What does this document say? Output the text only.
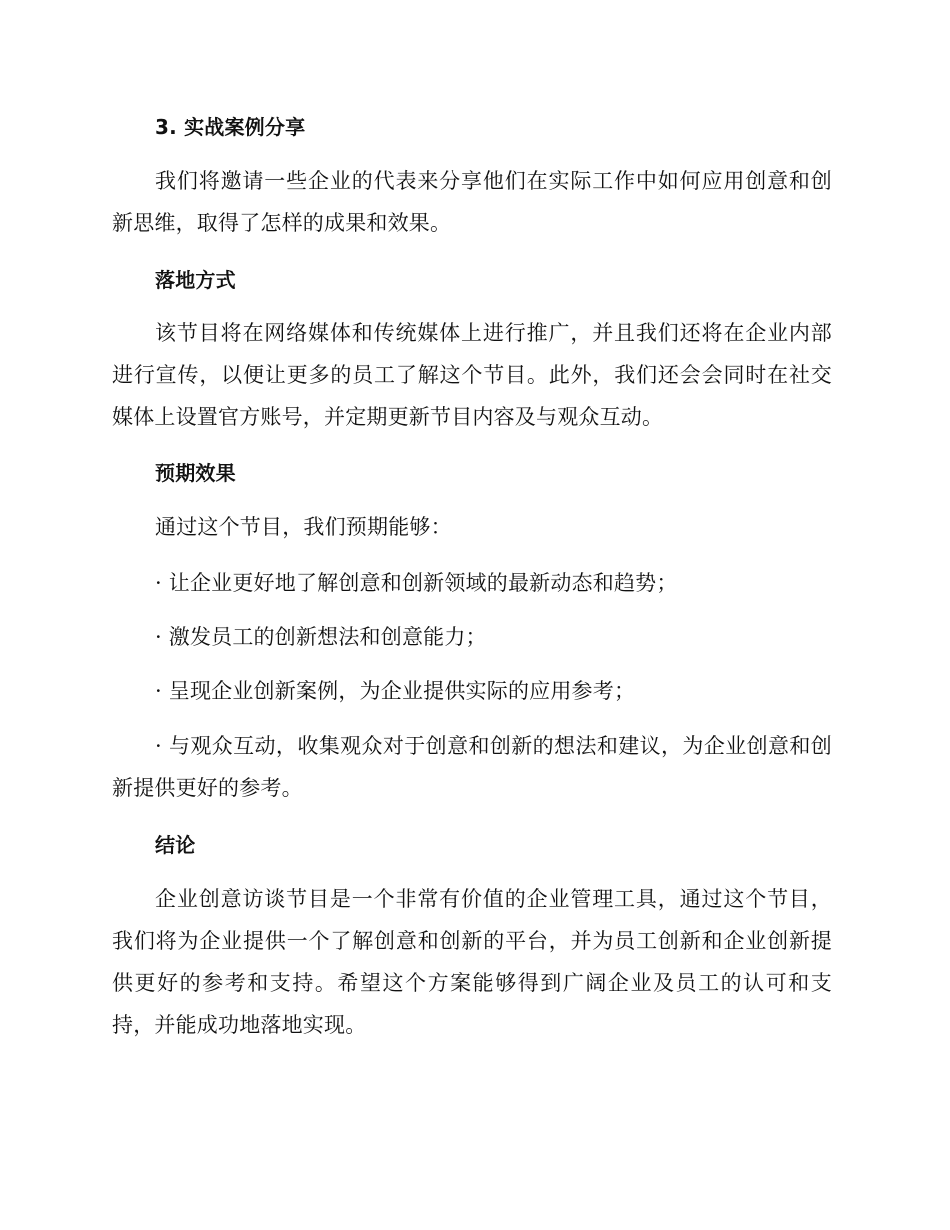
3. 实战案例分享

我们将邀请一些企业的代表来分享他们在实际工作中如何应用创意和创新思维，取得了怎样的成果和效果。

落地方式

该节目将在网络媒体和传统媒体上进行推广，并且我们还将在企业内部进行宣传，以便让更多的员工了解这个节目。此外，我们还会会同时在社交媒体上设置官方账号，并定期更新节目内容及与观众互动。

预期效果

通过这个节目，我们预期能够：

· 让企业更好地了解创意和创新领域的最新动态和趋势；

· 激发员工的创新想法和创意能力；

· 呈现企业创新案例，为企业提供实际的应用参考；

· 与观众互动，收集观众对于创意和创新的想法和建议，为企业创意和创新提供更好的参考。

结论

企业创意访谈节目是一个非常有价值的企业管理工具，通过这个节目，我们将为企业提供一个了解创意和创新的平台，并为员工创新和企业创新提供更好的参考和支持。希望这个方案能够得到广阔企业及员工的认可和支持，并能成功地落地实现。
